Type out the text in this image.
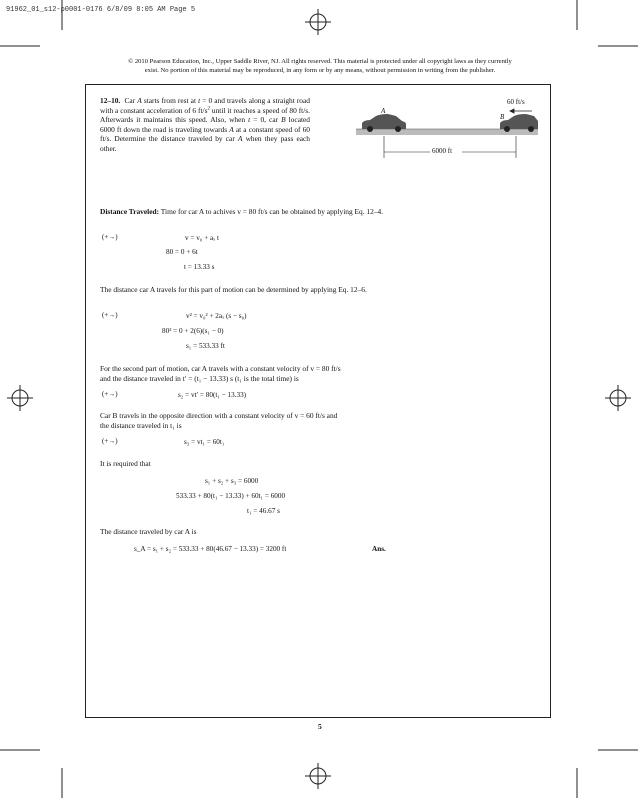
91962_01_s12-p0001-0176 6/8/09 8:05 AM Page 5
© 2010 Pearson Education, Inc., Upper Saddle River, NJ. All rights reserved. This material is protected under all copyright laws as they currently
exist. No portion of this material may be reproduced, in any form or by any means, without permission in writing from the publisher.
12–10. Car A starts from rest at t = 0 and travels along a straight road with a constant acceleration of 6 $ft/s^2$ until it reaches a speed of 80 ft/s. Afterwards it maintains this speed. Also, when t = 0, car B located 6000 ft down the road is traveling towards A at a constant speed of 60 ft/s. Determine the distance traveled by car A when they pass each other.
60 ft/s
A
B
6000 ft
Distance Traveled: Time for car A to achives v = 80 ft/s can be obtained by applying Eq. 12–4.
(+→)	v = v₀ + aₓ t
80 = 0 + 6t
t = 13.33 s
The distance car A travels for this part of motion can be determined by applying Eq. 12–6.
(+→)	v² = v₀² + 2aₓ (s − s₀)
80² = 0 + 2(6)(s₁ − 0)
s₁ = 533.33 ft
For the second part of motion, car A travels with a constant velocity of v = 80 ft/s
and the distance traveled in t′ = (t₁ − 13.33) s (t₁ is the total time) is
(+→)	s₂ = vt′ = 80(t₁ − 13.33)
Car B travels in the opposite direction with a constant velocity of v = 60 ft/s and
the distance traveled in t₁ is
(+→)	s₃ = vt₁ = 60t₁
It is required that
s₁ + s₂ + s₃ = 6000
533.33 + 80(t₁ − 13.33) + 60t₁ = 6000
t₁ = 46.67 s
The distance traveled by car A is
s_A = s₁ + s₂ = 533.33 + 80(46.67 − 13.33) = 3200 ft	Ans.
5
